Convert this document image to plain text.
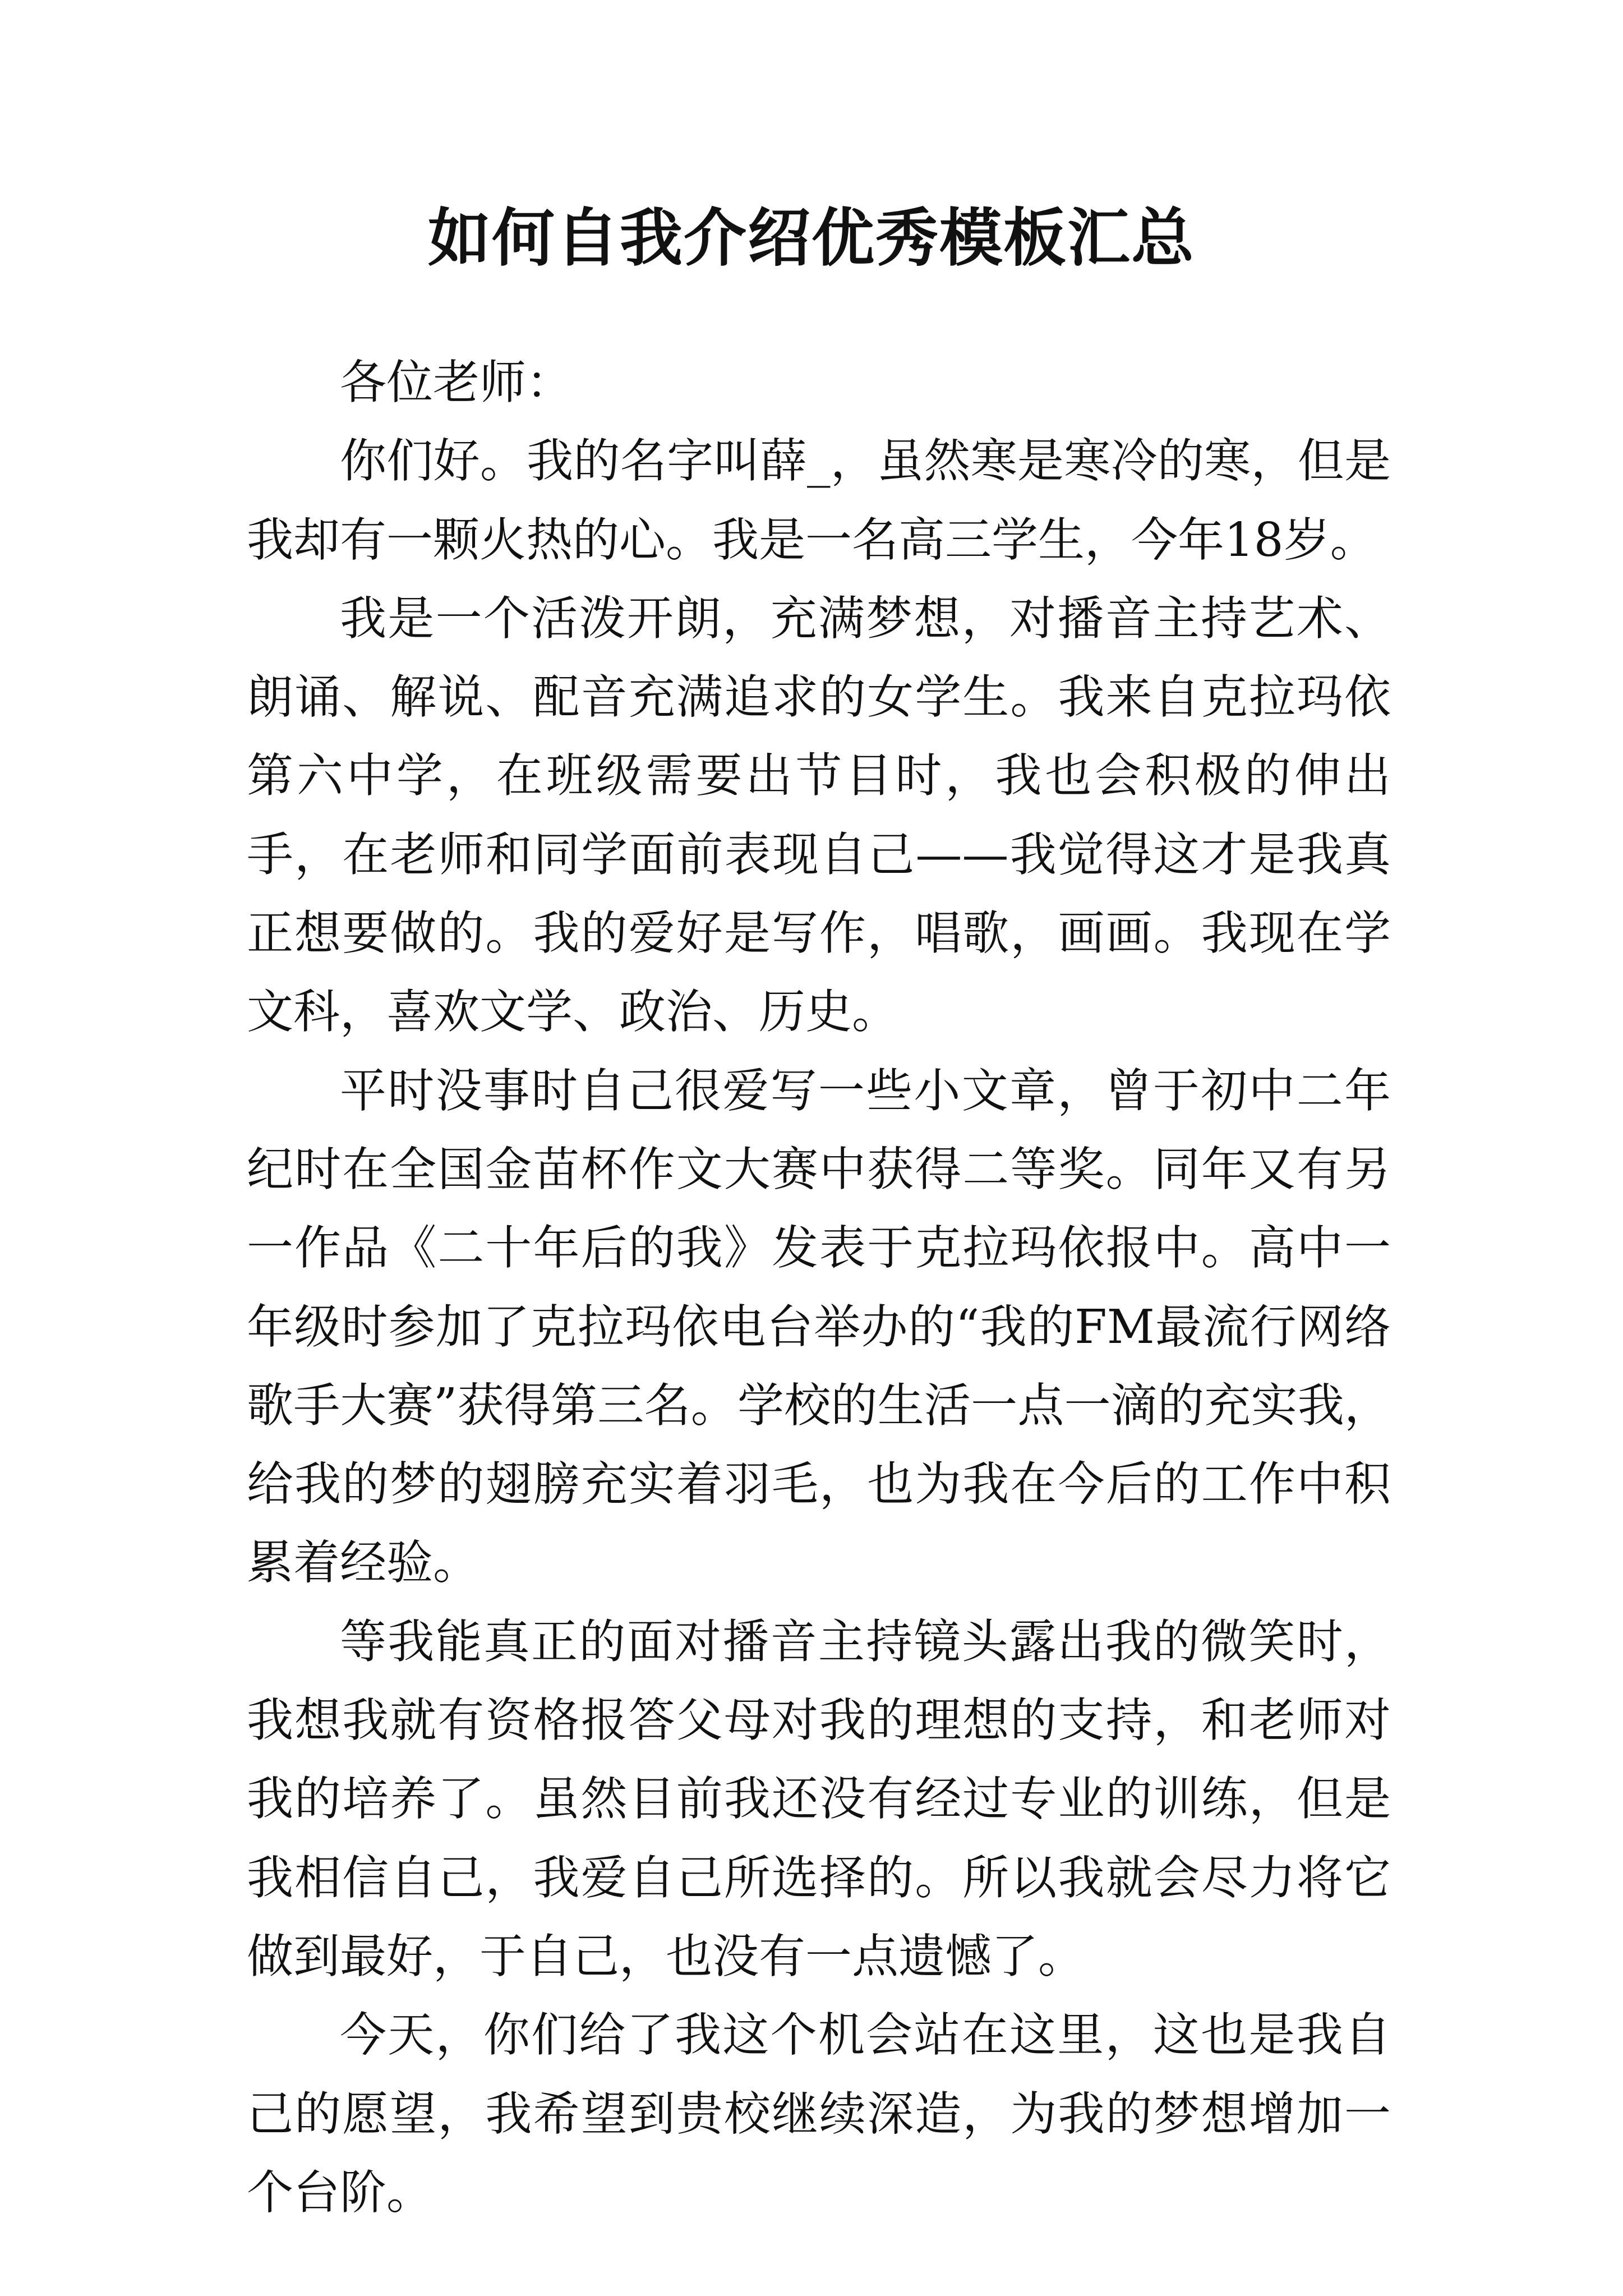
如何自我介绍优秀模板汇总

各位老师：

你们好。我的名字叫薛_，虽然寒是寒冷的寒，但是我却有一颗火热的心。我是一名高三学生，今年18岁。

我是一个活泼开朗，充满梦想，对播音主持艺术、朗诵、解说、配音充满追求的女学生。我来自克拉玛依第六中学，在班级需要出节目时，我也会积极的伸出手，在老师和同学面前表现自己——我觉得这才是我真正想要做的。我的爱好是写作，唱歌，画画。我现在学文科，喜欢文学、政治、历史。

平时没事时自己很爱写一些小文章，曾于初中二年纪时在全国金苗杯作文大赛中获得二等奖。同年又有另一作品《二十年后的我》发表于克拉玛依报中。高中一年级时参加了克拉玛依电台举办的“我的FM最流行网络歌手大赛”获得第三名。学校的生活一点一滴的充实我，给我的梦的翅膀充实着羽毛，也为我在今后的工作中积累着经验。

等我能真正的面对播音主持镜头露出我的微笑时，我想我就有资格报答父母对我的理想的支持，和老师对我的培养了。虽然目前我还没有经过专业的训练，但是我相信自己，我爱自己所选择的。所以我就会尽力将它做到最好，于自己，也没有一点遗憾了。

今天，你们给了我这个机会站在这里，这也是我自己的愿望，我希望到贵校继续深造，为我的梦想增加一个台阶。
